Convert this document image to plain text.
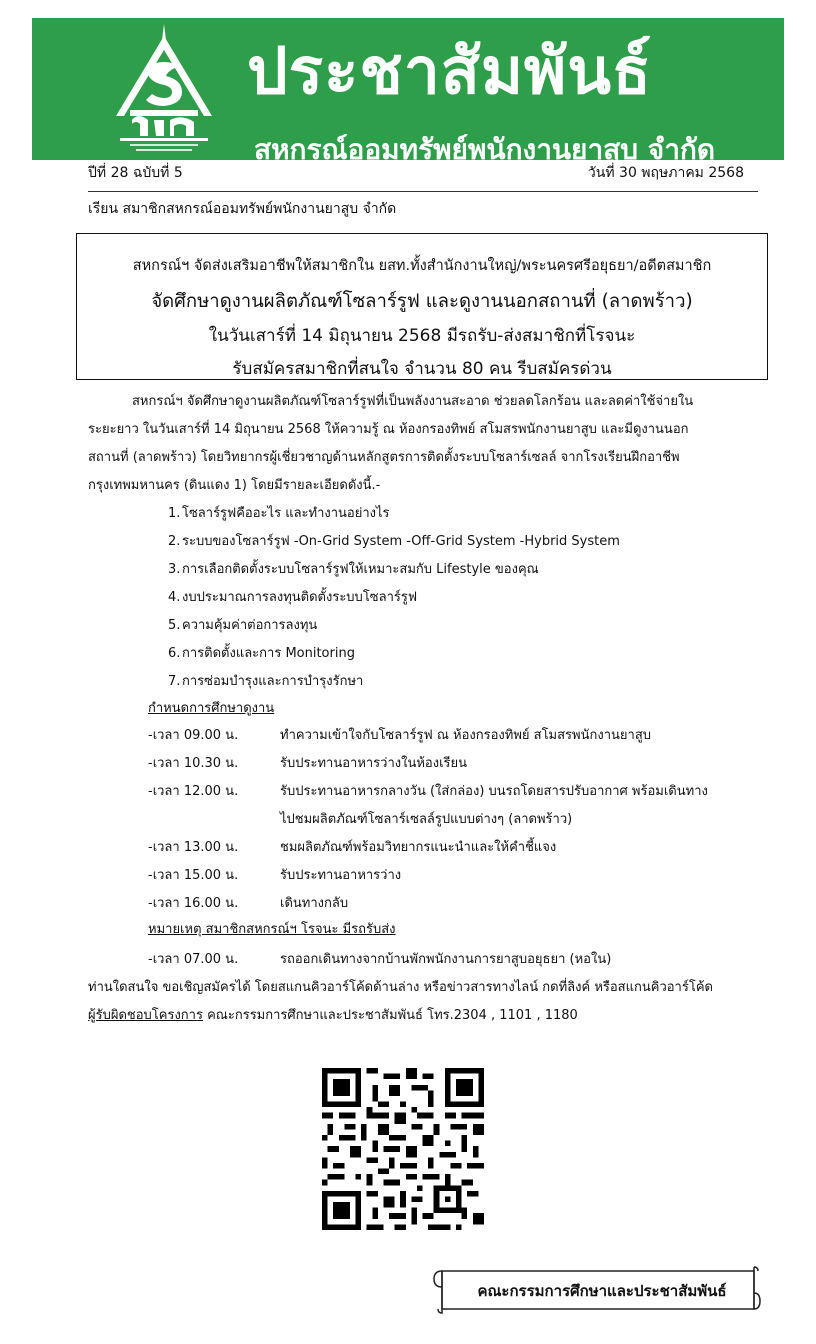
ประชาสัมพันธ์
สหกรณ์ออมทรัพย์พนักงานยาสูบ จำกัด
ปีที่ 28 ฉบับที่ 5	วันที่ 30 พฤษภาคม 2568
เรียน สมาชิกสหกรณ์ออมทรัพย์พนักงานยาสูบ จำกัด
สหกรณ์ฯ จัดส่งเสริมอาชีพให้สมาชิกใน ยสท.ทั้งสำนักงานใหญ่/พระนครศรีอยุธยา/อดีตสมาชิก
จัดศึกษาดูงานผลิตภัณฑ์โซลาร์รูฟ และดูงานนอกสถานที่ (ลาดพร้าว)
ในวันเสาร์ที่ 14 มิถุนายน 2568 มีรถรับ-ส่งสมาชิกที่โรจนะ
รับสมัครสมาชิกที่สนใจ จำนวน 80 คน รีบสมัครด่วน
สหกรณ์ฯ จัดศึกษาดูงานผลิตภัณฑ์โซลาร์รูฟที่เป็นพลังงานสะอาด ช่วยลดโลกร้อน และลดค่าใช้จ่ายใน
ระยะยาว ในวันเสาร์ที่ 14 มิถุนายน 2568 ให้ความรู้ ณ ห้องกรองทิพย์ สโมสรพนักงานยาสูบ และมีดูงานนอก
สถานที่ (ลาดพร้าว) โดยวิทยากรผู้เชี่ยวชาญด้านหลักสูตรการติดตั้งระบบโซลาร์เซลล์ จากโรงเรียนฝึกอาชีพ
กรุงเทพมหานคร (ดินแดง 1) โดยมีรายละเอียดดังนี้.-
1. โซลาร์รูฟคืออะไร และทำงานอย่างไร
2. ระบบของโซลาร์รูฟ -On-Grid System -Off-Grid System -Hybrid System
3. การเลือกติดตั้งระบบโซลาร์รูฟให้เหมาะสมกับ Lifestyle ของคุณ
4. งบประมาณการลงทุนติดตั้งระบบโซลาร์รูฟ
5. ความคุ้มค่าต่อการลงทุน
6. การติดตั้งและการ Monitoring
7. การซ่อมบำรุงและการบำรุงรักษา
กำหนดการศึกษาดูงาน
-เวลา 09.00 น.	ทำความเข้าใจกับโซลาร์รูฟ ณ ห้องกรองทิพย์ สโมสรพนักงานยาสูบ
-เวลา 10.30 น.	รับประทานอาหารว่างในห้องเรียน
-เวลา 12.00 น.	รับประทานอาหารกลางวัน (ใส่กล่อง) บนรถโดยสารปรับอากาศ พร้อมเดินทาง
ไปชมผลิตภัณฑ์โซลาร์เซลล์รูปแบบต่างๆ (ลาดพร้าว)
-เวลา 13.00 น.	ชมผลิตภัณฑ์พร้อมวิทยากรแนะนำและให้คำชี้แจง
-เวลา 15.00 น.	รับประทานอาหารว่าง
-เวลา 16.00 น.	เดินทางกลับ
หมายเหตุ สมาชิกสหกรณ์ฯ โรจนะ มีรถรับส่ง
-เวลา 07.00 น.	รถออกเดินทางจากบ้านพักพนักงานการยาสูบอยุธยา (หอใน)
ท่านใดสนใจ ขอเชิญสมัครได้ โดยสแกนคิวอาร์โค้ดด้านล่าง หรือข่าวสารทางไลน์ กดที่ลิงค์ หรือสแกนคิวอาร์โค้ด
ผู้รับผิดชอบโครงการ คณะกรรมการศึกษาและประชาสัมพันธ์ โทร.2304 , 1101 , 1180
คณะกรรมการศึกษาและประชาสัมพันธ์
